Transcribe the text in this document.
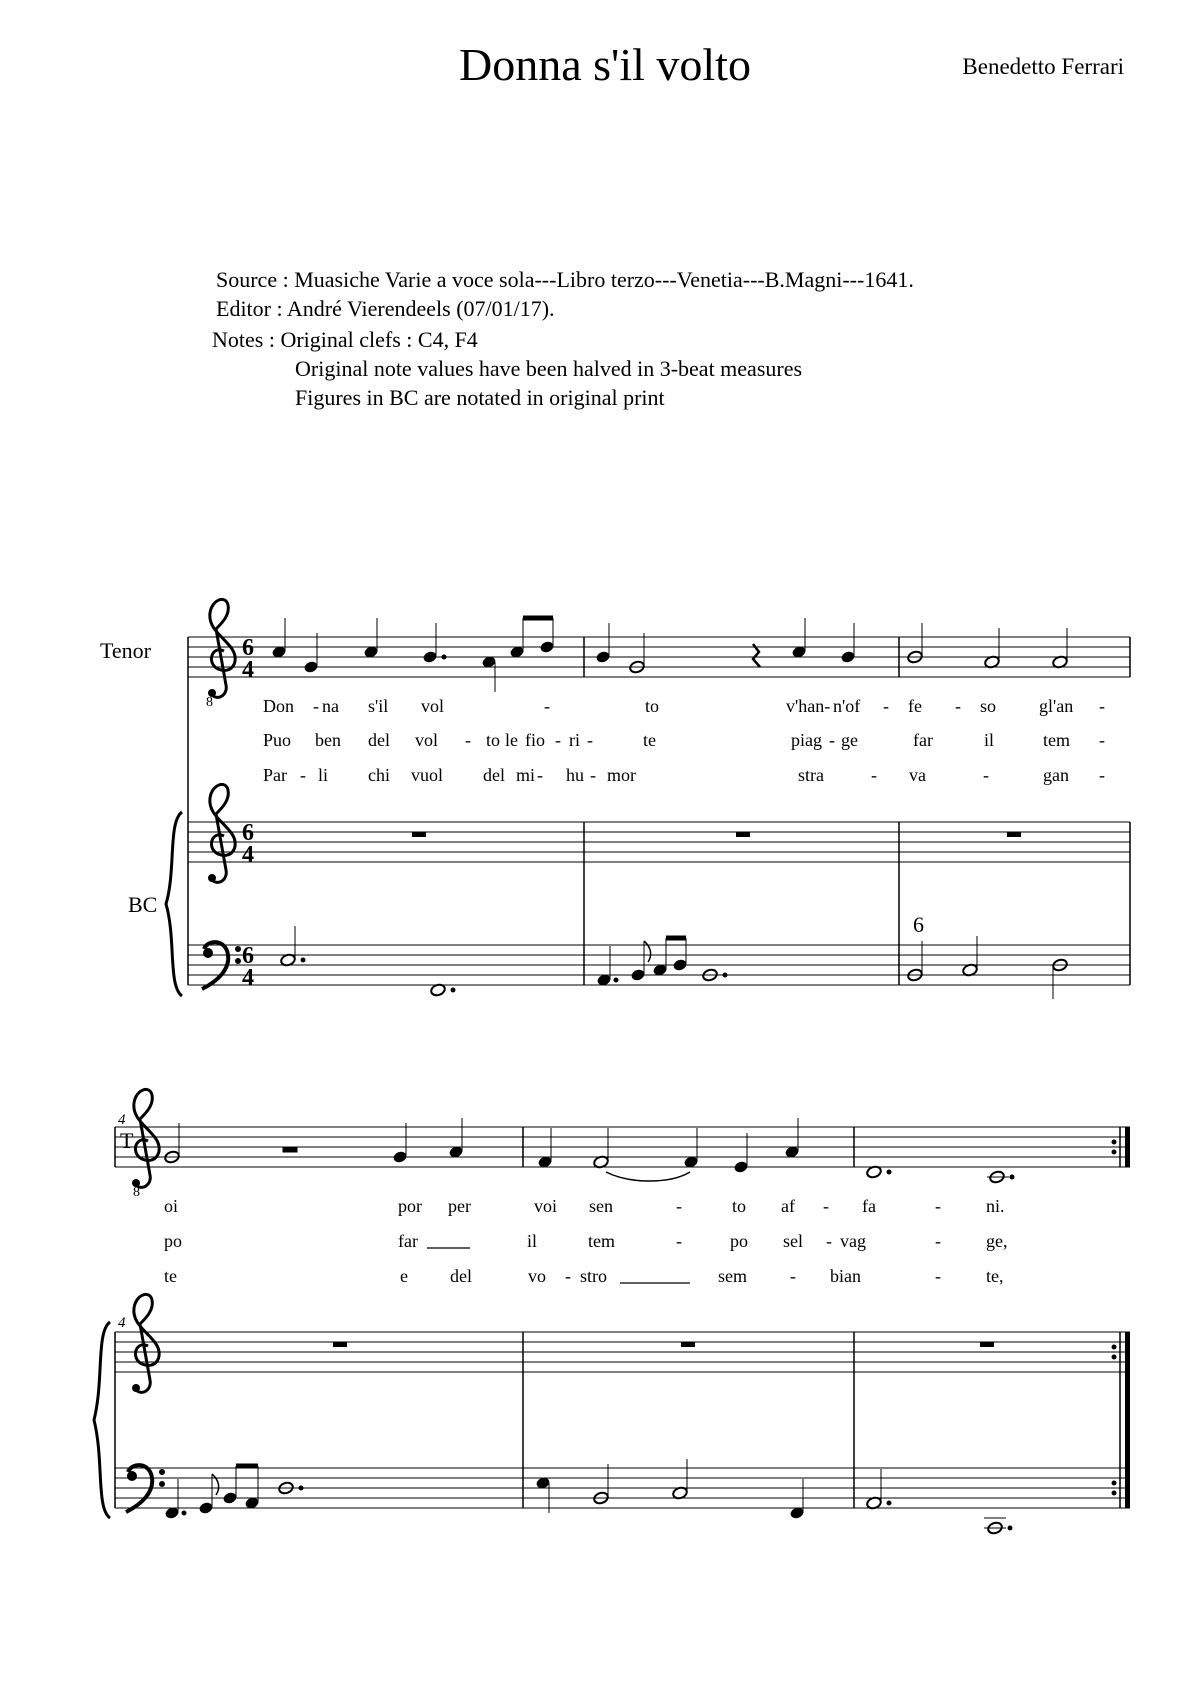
Donna s'il volto	Benedetto Ferrari
Source : Muasiche Varie a voce sola---Libro terzo---Venetia---B.Magni---1641.
Editor : André Vierendeels (07/01/17).
Notes : Original clefs : C4, F4
Original note values have been halved in 3-beat measures
Figures in BC are notated in original print
Tenor
BC
8
6
4
6
4
6
4
6
Don - na s'il vol	-	to	v'han- n'of - fe - so gl'an -
Puo ben del vol - to le fio - ri -	te	piag - ge	far	il	tem -
Par - li chi vuol del mi - hu - mor	stra	- va	-	gan -
T
4
4
8
oi	por per	voi sen	-	to af - fa	-	ni.
po	far	il	tem	-	po sel - vag	-	ge,
te	e del	vo - stro	sem - bian	-	te,
